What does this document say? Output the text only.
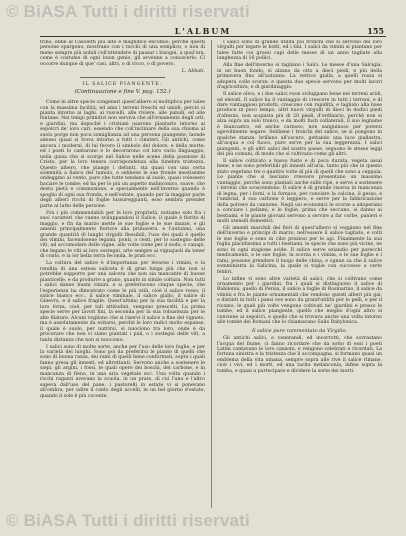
© BiASA Tutti i diritti riservati
L'ALBUM	155

trino, ebbe al Casoletti più alto e magnifico encomio; perchè questi persone spargono, mostrano con i tocchi di una semplice, o non di meno sempre più nobili coll'attendere di passar i bisogni, a qual'ora, come è costume di ogni buon genio, gli avvenne a conoscerlo. Ci occorre dunque di que' casi, altri, o di ricco, o di povero.

L. Abbati.

IL SALICE PIANGENTE.

(Continuazione e fine V. pag. 152.)

Come in altre specie congeneri quest'albero si moltiplica per talee con la massima facilità, ed ama i terreni freschi ed umidi; perciò si pianta intorno ai laghi, ai ruscelli, alle riviere, alle paludi, ed alle fontane. Nei tempi primitivi non serviva che all'ornamento degli orti, e giardini, ma dopoché i cristiani usarono piantarlo intorno ai sepolcri de' loro cari, essendo che coll'inclinare della sua chioma al suolo porge non poca somiglianza ad una persona piangente; laonde adesso quasi si trova intorno a tutti i cimiteri. Gli antichi, come ancora i moderni, di lui fecero il simbolo del dolore, e della morte; ed i poeti lo cantarono e lo decorarono col loro vario linguaggio, nella guisa che si scorge nel Salice nelle scene della passione di Cristo, per la loro tenera corrispondenza alla funebre tristezza. Questo albero, che piange i defunti, sta quasi con una certa solennità a fianco del tumulo, e sebbene le sue fronde mestissime ondeggino al vento, pare che tutte tendano al suolo, quasi volessero baciare le tombe; ed ha per lo più un aspetto malinconico, soave, che desta pietà e commozione, e specialmente nell'inverno quando è spoglio di ogni sua fronda, e nell'estate, quando per la maggior parte degli alberi ricchi di foglie lussureggianti, esso sembra prender parte al lutto delle persone.

Fra i più commendabili per le loro proprietà, notiamo solo fra i suoi caratteri che vanno sviluppandosi il Salice, il quale è fiorito di maggio, e fin da marzo mette le sue foglie e le sue mazze, e gli amenti principalmente fiorisce alla primavera, e l'autunno, una grande quantità di lunghi virgulti flessibili, l'uso dei quali è quello dei vimini, facendosene legami, ponti, o cesti, per lo sostegno delle viti, ad accomodare delle vigne, alle volte come per il nodo, o canapi, che legano le viti ai loro sostegni, arte sempre ai vignajuoli da tener di conto, e la lor bella terra feconda, le prati ecc.

La coltura del salice è d'importanza per levarne i vimini, e la rendita di una estesa saliceta è di gran lunga più che non si potrebbe supporre per una salceta che non sia mancante di buone pianticelle, e da produrre a grano, quanto in simile coltura. Non tutti i salici danno buoni vimini, e si preferiscono cinque specie, che l'esperienza ha dimostrato come le più utili, cioè il salice rosso, il salice bianco ecc., il salice viminale, il salice giallo, il salice di Ginevra, e il salice fragile. Quest'ultimo per la sua facilità e per la loro forza, cioè, per tali attitudini, vengono prescelti. La prima specie serve per lavori fini, la seconda per la sua robustezza per le alte filature. Alcuni vogliono che si riservi il salice a fine del vigneto, ma è assolutamente da evitarsi, perchè le loro radici molto espanse, il quale è suolo, per nutrirsi, si nuociono tra loro, onde è da procurare che non vi siano piantati i pali, o i sostegni delle viti, a tanta distanza che non si nuociono.

I salici sono di molte sorte, anche per l'uso delle loro foglie, e per la varietà dei luoghi. Sono poi da preferirsi le piante di quelli che sono di buona razza, dei rami di quelli bene conformati, sopra i quali fanno presa gli innesti, ed altrettanti. Servono anche a sostenere le siepi, gli argini, i fossi, le quali opere dei boschi, del carbone, e in mancanza di fieno, in una aria vegetale ecc. Una volta quando i ricchi ragazzi avevano la scuola, in un prato, di cui l'uno e l'altro sapeva dall'uso del pane, i pastorelli in estate vi si ponevano all'ombra, per udire il canto degli uccelli, in un bel giorno d'estate, quando il sole è più cocente.

I salici sono di grande utilità poi tronchi che si servono dei loro virgulti per legare le botti, ed i tini. I salici da vimini si piantano per talee fatte coi grossi capi delle messe di un anno tagliate alla lunghezza di 16 pollici.

Alla fine dell'inverno si tagliano i Salci. Le messe d'una Salcigia, in un buon fondo, si alzano da otto a dieci piedi, e più della primavera fino all'autunno. La vetrice gialla, a quelli rossa si adopera colle scorze, e questa due specie servono per molti lavori d'agricoltura, e di giardinaggio.

Il salice olivo, e i due salici rossi sviluppano bene nei terreni aridi, ed elevati. Il salice ha il vantaggio di crescere in tutti i terreni, e di dare vantaggiosi prodotti, crescono con rapidità, e tagliato alla base produce in poco tempo, altri nuovi virgulti di dieci in dodici piedi d'altezza, non acquista più di 20 piedi, d'ordinario, perchè non si alza sopra un solo tronco, e da molti fusti collaterali, il suo legname è biancastro, ed anche carnoso, non sanguinoso per potersi agevolmente segare. Sebbene i tronchi del salice, se si pongono in qualche stanza, brillano all'oscuro, gettando una luce giallastra, all'acqua e col fuoco, pure serve per la sua leggerezza. I salici piangenti, e gli altri salici del nostro paese, seguono le stesse leggi dei più comuni, di modo che si coltivano come gli altri.

Il salice coltivato a basso fusto e di poca durata, vegeta assai bene, e ne sono preferibili gli innesti all'aria, tanto più che in questo stato vegetano tre o quattro volte di più di quelli che sono a ceppaia. Le piante che si lasciano crescere presentano un massimo vantaggio, perchè sono piantati anche sulle ripe, e serve a sostenere i terreni che scoscendono. Il salice è di grande risorsa in mancanza di legna, per i forni, e la fornace, per conciare la calcina, il gesso, e l'umbrial, il suo carbone è leggiero, e serve per la fabbricazione della polvere da cannone. Negli usi economici le scorze a adoperano a conciare i pellami, e le foglie, prima che seccano, si danno ai bestiami, e le piante giovani servono a servire a far corbe, panieri e molti utensili domestici.

Gli amenti maschili dei fiori di quest'albero si veggiono nel fine dell'inverno e principi di marzo, nell'essere il salice tagliato, e colti le sue foglie e sono in cibo preziosi per le api. Finalmente la sua foglia placidissima a tutti i bestiami, le specie che sono più vicine, ne sono in ogni stagione avide. Il salice serve eziandio per parecchi medicamenti, e le sue foglie, la scorza e i vimini, e le sue foglie e i rami, possono prendere il luogo delle china, e ognun sa che il salice somministra la Salicina, la quale si toglie con successo a certe febbri.

Lo infine vi sono altre varietà di salici, che si coltivano come ornamento per i giardini, fra i quali si distinguono il salice di Babilonia, quello di Persia, il salice a foglie di Rosmarino, il salice da vimini e fra le piante ornamentali che rendono questi alberi più gai, e distinti in tutti i paesi ove sono da grand'utilità per le pelli, e per il ricamo, le quali più volte vengono coltivati ne' giardini e presso le tombe, ed il salice piangente, quello che meglio d'ogni altro si conviene ai sepolcri, e quello che si trovava anche una volta intorno alle tombe dei Romani che lo chiamavano Salix Babylonica.

Il salice pure rammentato da Virgilio.

Gli antichi salici, e venerandi, ed incorrotti, che sovrastano l'acqua del fiume, ci fanno ricordare che da sotto di essi i poeti Latini cantavano le loro canzoni, e vengono celebrati e ricordati. La fortuna sinistra e la tristezza che li accompagna, si formano quasi un emblema della vita umana, sempre sopra alle rive il salice rimane, cioè i vivi, ed i morti, ed una tacita melanconia, infine sopra la tomba, e quasi a partecipare e dividere la sorte dei morti.

© BiASA Tutti i diritti riservati
